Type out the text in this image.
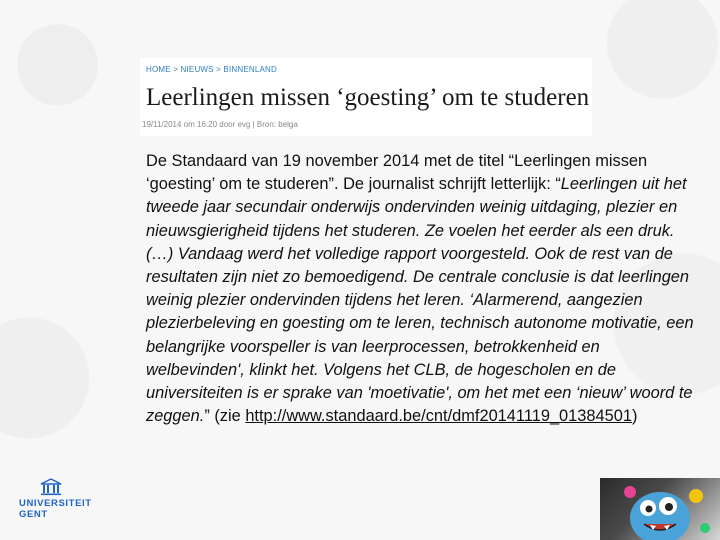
HOME > NIEUWS > BINNENLAND
Leerlingen missen ‘goesting’ om te studeren
19/11/2014 om 16:20 door evg | Bron: belga
De Standaard van 19 november 2014 met de titel “Leerlingen missen ‘goesting’ om te studeren”. De journalist schrijft letterlijk: “Leerlingen uit het tweede jaar secundair onderwijs ondervinden weinig uitdaging, plezier en nieuwsgierigheid tijdens het studeren. Ze voelen het eerder als een druk. (…) Vandaag werd het volledige rapport voorgesteld. Ook de rest van de resultaten zijn niet zo bemoedigend. De centrale conclusie is dat leerlingen weinig plezier ondervinden tijdens het leren. ‘Alarmerend, aangezien plezierbeleving en goesting om te leren, technisch autonome motivatie, een belangrijke voorspeller is van leerprocessen, betrokkenheid en welbevinden', klinkt het. Volgens het CLB, de hogescholen en de universiteiten is er sprake van 'moetivatie', om het met een ‘nieuw’ woord te zeggen.” (zie http://www.standaard.be/cnt/dmf20141119_01384501)
UNIVERSITEIT
GENT
